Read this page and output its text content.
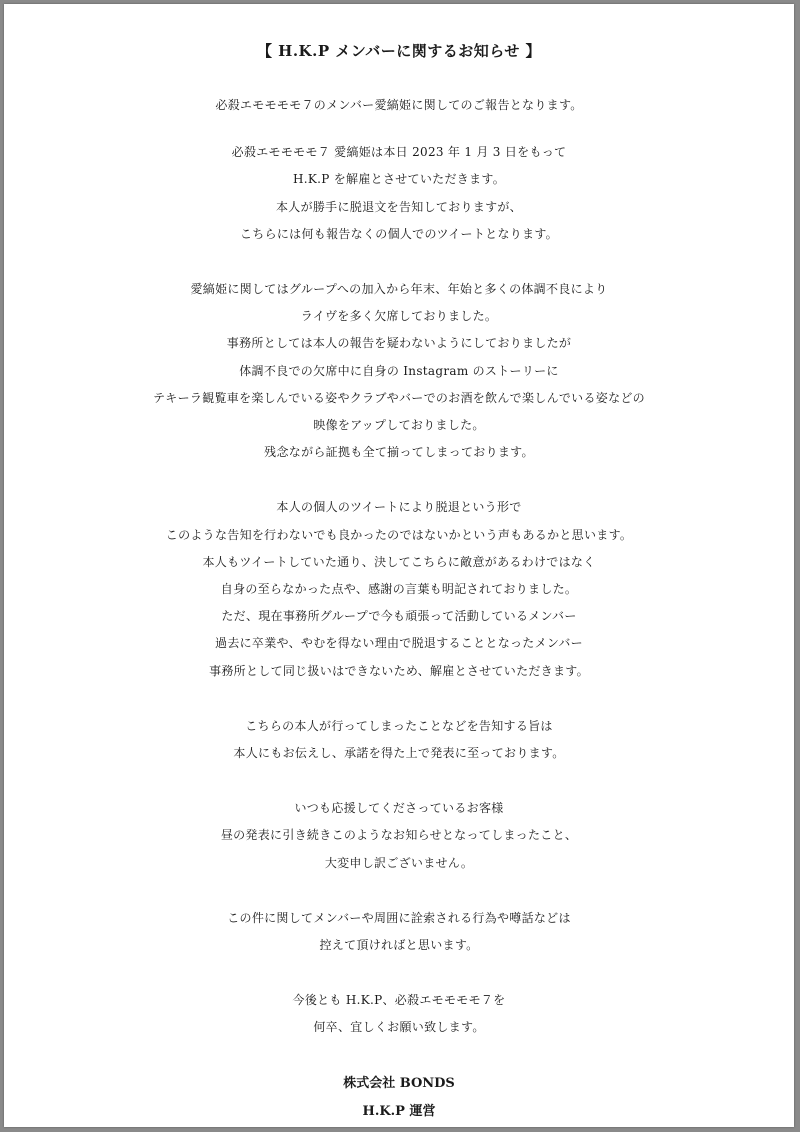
【 H.K.P メンバーに関するお知らせ 】
必殺エモモモモ７のメンバー愛縞姫に関してのご報告となります。
必殺エモモモモ７ 愛縞姫は本日 2023 年 1 月 3 日をもって
H.K.P を解雇とさせていただきます。
本人が勝手に脱退文を告知しておりますが、
こちらには何も報告なくの個人でのツイートとなります。
愛縞姫に関してはグループへの加入から年末、年始と多くの体調不良により
ライヴを多く欠席しておりました。
事務所としては本人の報告を疑わないようにしておりましたが
体調不良での欠席中に自身の Instagram のストーリーに
テキーラ観覧車を楽しんでいる姿やクラブやバーでのお酒を飲んで楽しんでいる姿などの
映像をアップしておりました。
残念ながら証拠も全て揃ってしまっております。
本人の個人のツイートにより脱退という形で
このような告知を行わないでも良かったのではないかという声もあるかと思います。
本人もツイートしていた通り、決してこちらに敵意があるわけではなく
自身の至らなかった点や、感謝の言葉も明記されておりました。
ただ、現在事務所グループで今も頑張って活動しているメンバー
過去に卒業や、やむを得ない理由で脱退することとなったメンバー
事務所として同じ扱いはできないため、解雇とさせていただきます。
こちらの本人が行ってしまったことなどを告知する旨は
本人にもお伝えし、承諾を得た上で発表に至っております。
いつも応援してくださっているお客様
昼の発表に引き続きこのようなお知らせとなってしまったこと、
大変申し訳ございません。
この件に関してメンバーや周囲に詮索される行為や噂話などは
控えて頂ければと思います。
今後とも H.K.P、必殺エモモモモ７を
何卒、宜しくお願い致します。
株式会社 BONDS
H.K.P 運営
